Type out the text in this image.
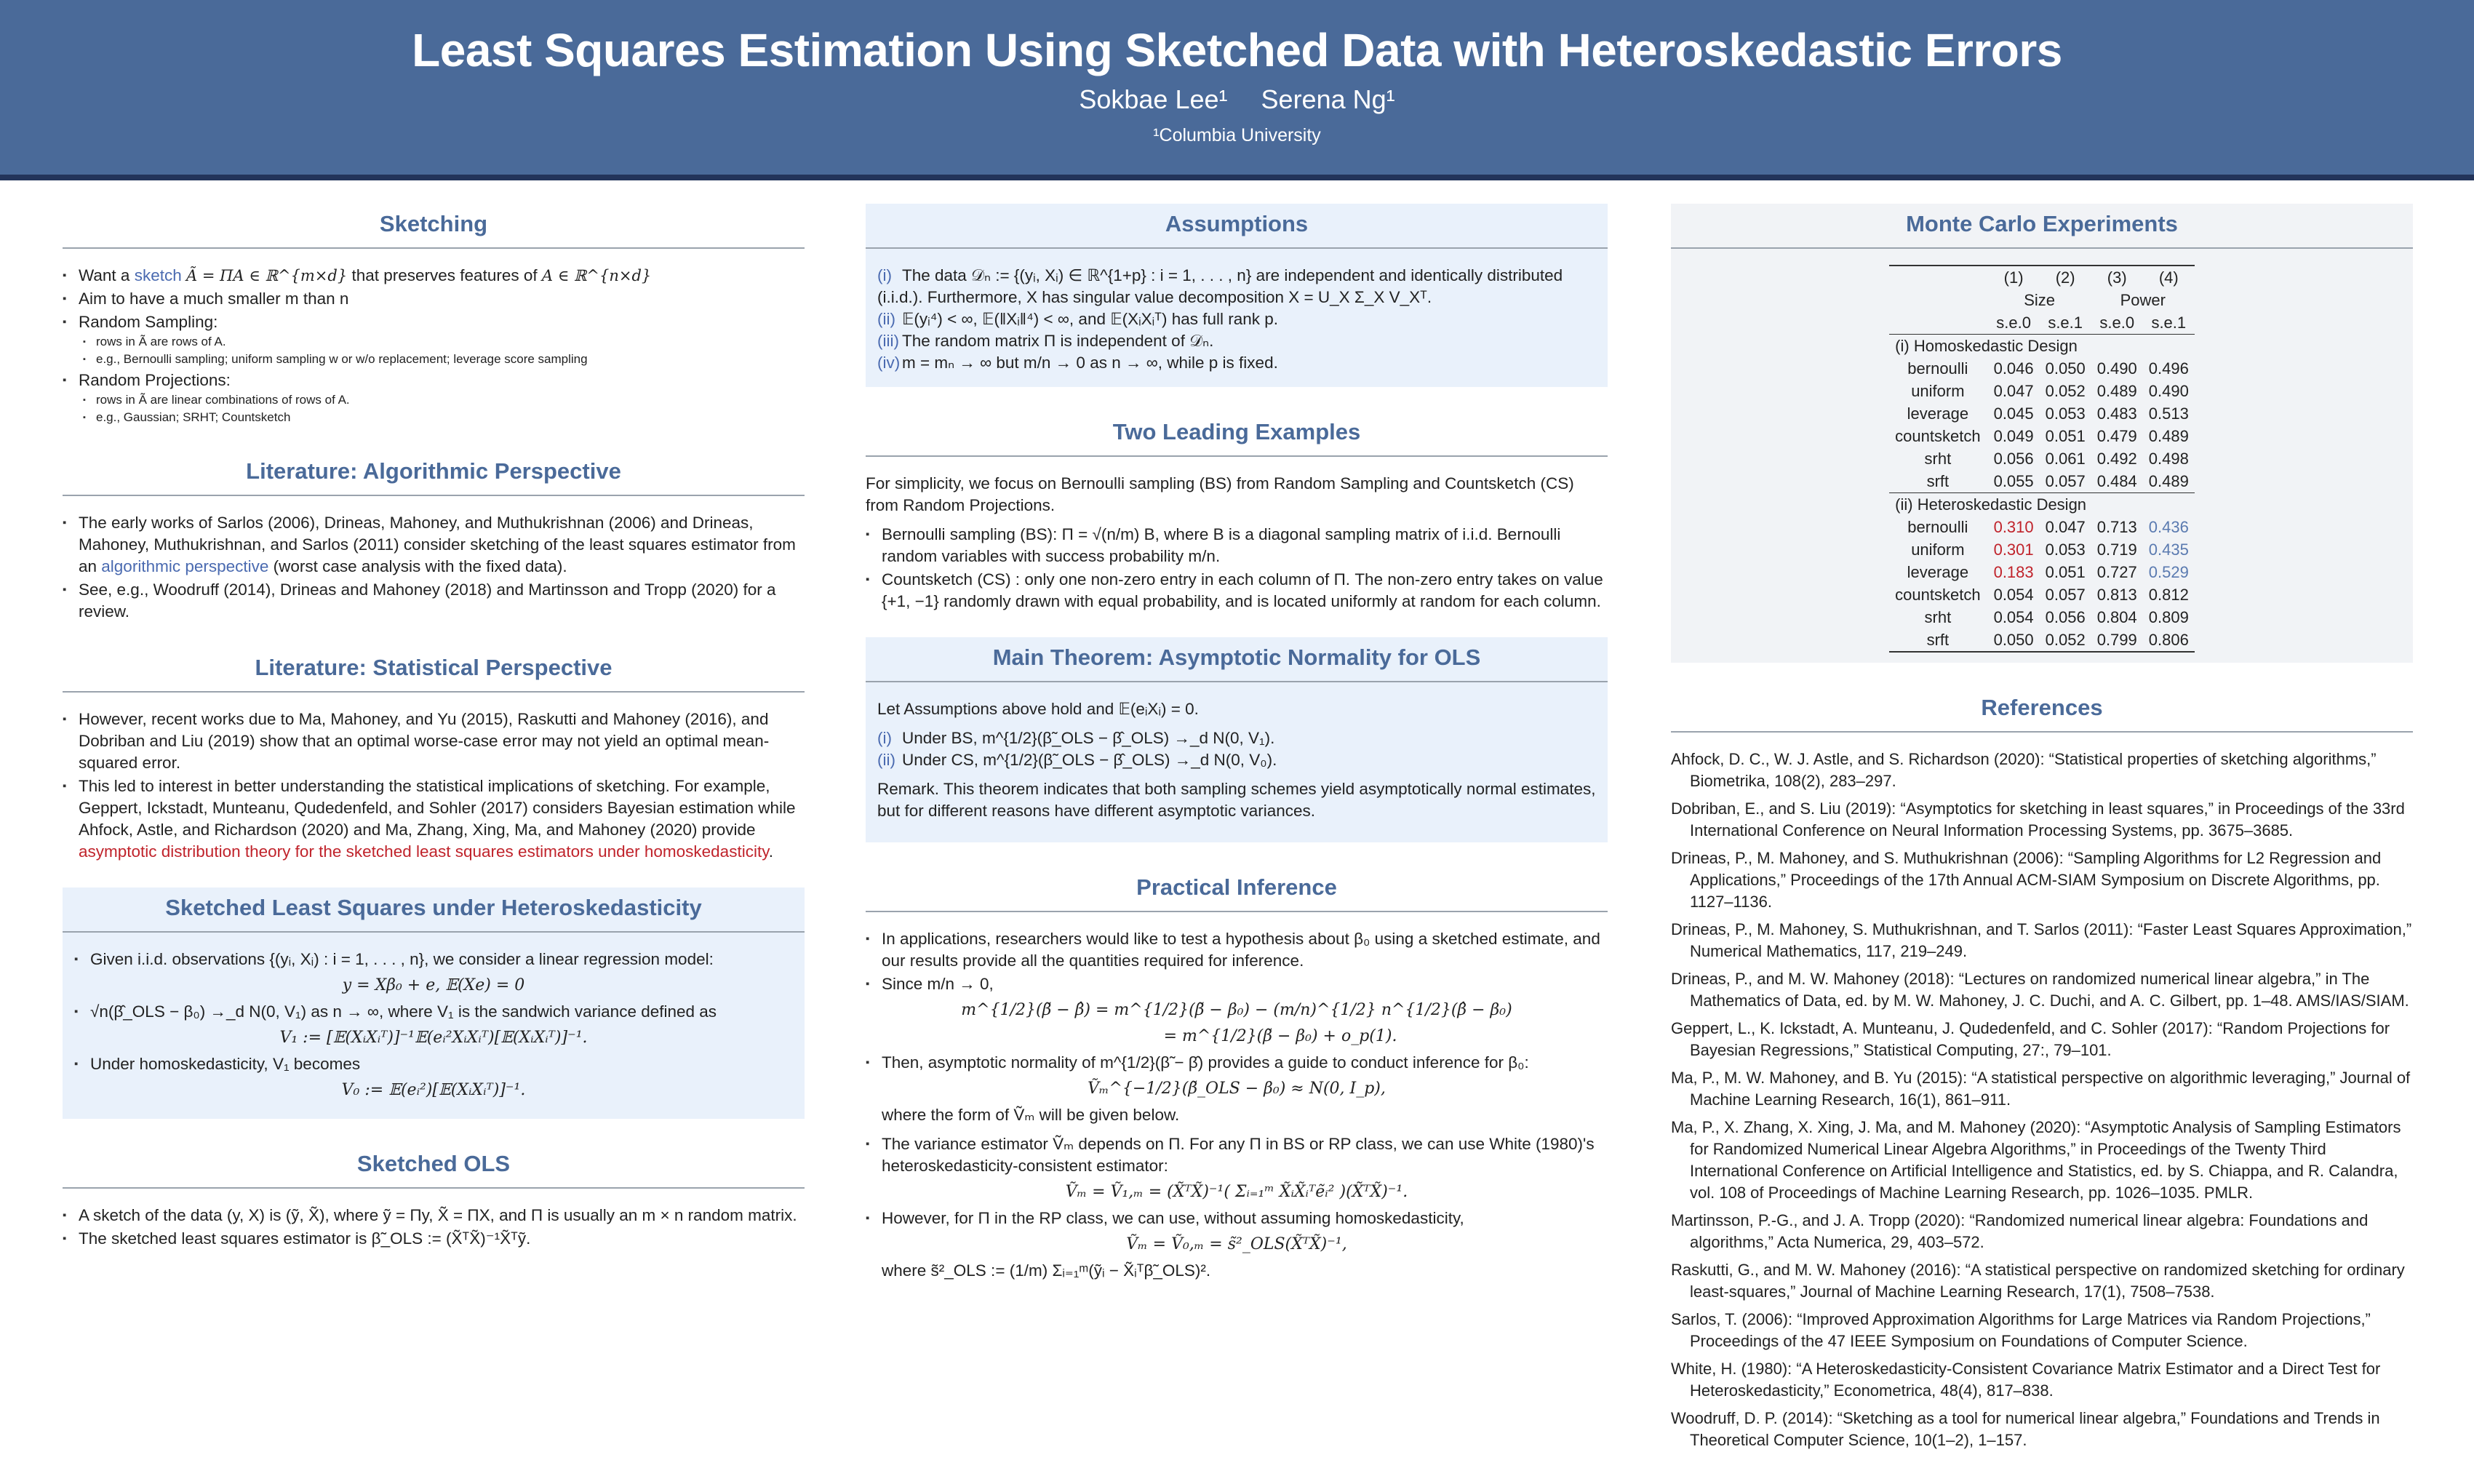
Least Squares Estimation Using Sketched Data with Heteroskedastic Errors
Sokbae Lee¹ Serena Ng¹
¹Columbia University
Sketching
▪ Want a sketch Ã = ΠA ∈ ℝ^{m×d} that preserves features of A ∈ ℝ^{n×d}
▪ Aim to have a much smaller m than n
▪ Random Sampling:
▪ rows in Ã are rows of A.
▪ e.g., Bernoulli sampling; uniform sampling w or w/o replacement; leverage score sampling
▪ Random Projections:
▪ rows in Ã are linear combinations of rows of A.
▪ e.g., Gaussian; SRHT; Countsketch
Literature: Algorithmic Perspective
▪ The early works of Sarlos (2006), Drineas, Mahoney, and Muthukrishnan (2006) and Drineas, Mahoney, Muthukrishnan, and Sarlos (2011) consider sketching of the least squares estimator from an algorithmic perspective (worst case analysis with the fixed data).
▪ See, e.g., Woodruff (2014), Drineas and Mahoney (2018) and Martinsson and Tropp (2020) for a review.
Literature: Statistical Perspective
▪ However, recent works due to Ma, Mahoney, and Yu (2015), Raskutti and Mahoney (2016), and Dobriban and Liu (2019) show that an optimal worse-case error may not yield an optimal mean-squared error.
▪ This led to interest in better understanding the statistical implications of sketching. For example, Geppert, Ickstadt, Munteanu, Qudedenfeld, and Sohler (2017) considers Bayesian estimation while Ahfock, Astle, and Richardson (2020) and Ma, Zhang, Xing, Ma, and Mahoney (2020) provide asymptotic distribution theory for the sketched least squares estimators under homoskedasticity.
Sketched Least Squares under Heteroskedasticity
▪ Given i.i.d. observations {(yᵢ, Xᵢ) : i = 1, . . . , n}, we consider a linear regression model:
y = Xβ₀ + e, 𝔼(Xe) = 0
▪ √n(β̂_OLS − β₀) →_d N(0, V₁) as n → ∞, where V₁ is the sandwich variance defined as
V₁ := [𝔼(XᵢXᵢᵀ)]⁻¹𝔼(eᵢ²XᵢXᵢᵀ)[𝔼(XᵢXᵢᵀ)]⁻¹.
▪ Under homoskedasticity, V₁ becomes
V₀ := 𝔼(eᵢ²)[𝔼(XᵢXᵢᵀ)]⁻¹.
Sketched OLS
▪ A sketch of the data (y, X) is (ỹ, X̃), where ỹ = Πy, X̃ = ΠX, and Π is usually an m × n random matrix.
▪ The sketched least squares estimator is β̃_OLS := (X̃ᵀX̃)⁻¹X̃ᵀỹ.
Assumptions
(i) The data 𝒟ₙ := {(yᵢ, Xᵢ) ∈ ℝ^{1+p} : i = 1, . . . , n} are independent and identically distributed (i.i.d.). Furthermore, X has singular value decomposition X = U_X Σ_X V_Xᵀ.
(ii) 𝔼(yᵢ⁴) < ∞, 𝔼(‖Xᵢ‖⁴) < ∞, and 𝔼(XᵢXᵢᵀ) has full rank p.
(iii) The random matrix Π is independent of 𝒟ₙ.
(iv) m = mₙ → ∞ but m/n → 0 as n → ∞, while p is fixed.
Two Leading Examples

For simplicity, we focus on Bernoulli sampling (BS) from Random Sampling and Countsketch (CS) from Random Projections.

▪ Bernoulli sampling (BS): Π = √(n/m) B, where B is a diagonal sampling matrix of i.i.d. Bernoulli random variables with success probability m/n.
▪ Countsketch (CS) : only one non-zero entry in each column of Π. The non-zero entry takes on value {+1, −1} randomly drawn with equal probability, and is located uniformly at random for each column.
Main Theorem: Asymptotic Normality for OLS

Let Assumptions above hold and 𝔼(eᵢXᵢ) = 0.

(i) Under BS, m^{1/2}(β̃_OLS − β̂_OLS) →_d N(0, V₁).
(ii) Under CS, m^{1/2}(β̃_OLS − β̂_OLS) →_d N(0, V₀).

Remark. This theorem indicates that both sampling schemes yield asymptotically normal estimates, but for different reasons have different asymptotic variances.

Practical Inference
▪ In applications, researchers would like to test a hypothesis about β₀ using a sketched estimate, and our results provide all the quantities required for inference.
▪ Since m/n → 0,
m^{1/2}(β̃ − β̂) = m^{1/2}(β̃ − β₀) − (m/n)^{1/2} n^{1/2}(β̂ − β₀)
= m^{1/2}(β̃ − β₀) + o_p(1).
▪ Then, asymptotic normality of m^{1/2}(β̃ − β̂) provides a guide to conduct inference for β₀:
Ṽₘ^{−1/2}(β̃_OLS − β₀) ≈ N(0, I_p),

where the form of Ṽₘ will be given below.

▪ The variance estimator Ṽₘ depends on Π. For any Π in BS or RP class, we can use White (1980)'s heteroskedasticity-consistent estimator:
Ṽₘ = Ṽ₁,ₘ = (X̃ᵀX̃)⁻¹( Σᵢ₌₁ᵐ X̃ᵢX̃ᵢᵀẽᵢ² )(X̃ᵀX̃)⁻¹.
▪ However, for Π in the RP class, we can use, without assuming homoskedasticity,
Ṽₘ = Ṽ₀,ₘ = s̃²_OLS(X̃ᵀX̃)⁻¹,

where s̃²_OLS := (1/m) Σᵢ₌₁ᵐ(ỹᵢ − X̃ᵢᵀβ̃_OLS)².

Monte Carlo Experiments
	(1)	(2)	(3)	(4)
	Size		Power	
	s.e.0	s.e.1	s.e.0	s.e.1
(i) Homoskedastic Design				
bernoulli	0.046	0.050	0.490	0.496
uniform	0.047	0.052	0.489	0.490
leverage	0.045	0.053	0.483	0.513
countsketch	0.049	0.051	0.479	0.489
srht	0.056	0.061	0.492	0.498
srft	0.055	0.057	0.484	0.489
(ii) Heteroskedastic Design				
bernoulli	0.310	0.047	0.713	0.436
uniform	0.301	0.053	0.719	0.435
leverage	0.183	0.051	0.727	0.529
countsketch	0.054	0.057	0.813	0.812
srht	0.054	0.056	0.804	0.809
srft	0.050	0.052	0.799	0.806
References

Ahfock, D. C., W. J. Astle, and S. Richardson (2020): “Statistical properties of sketching algorithms,” Biometrika, 108(2), 283–297.

Dobriban, E., and S. Liu (2019): “Asymptotics for sketching in least squares,” in Proceedings of the 33rd International Conference on Neural Information Processing Systems, pp. 3675–3685.

Drineas, P., M. Mahoney, and S. Muthukrishnan (2006): “Sampling Algorithms for L2 Regression and Applications,” Proceedings of the 17th Annual ACM-SIAM Symposium on Discrete Algorithms, pp. 1127–1136.

Drineas, P., M. Mahoney, S. Muthukrishnan, and T. Sarlos (2011): “Faster Least Squares Approximation,” Numerical Mathematics, 117, 219–249.

Drineas, P., and M. W. Mahoney (2018): “Lectures on randomized numerical linear algebra,” in The Mathematics of Data, ed. by M. W. Mahoney, J. C. Duchi, and A. C. Gilbert, pp. 1–48. AMS/IAS/SIAM.

Geppert, L., K. Ickstadt, A. Munteanu, J. Qudedenfeld, and C. Sohler (2017): “Random Projections for Bayesian Regressions,” Statistical Computing, 27:, 79–101.

Ma, P., M. W. Mahoney, and B. Yu (2015): “A statistical perspective on algorithmic leveraging,” Journal of Machine Learning Research, 16(1), 861–911.

Ma, P., X. Zhang, X. Xing, J. Ma, and M. Mahoney (2020): “Asymptotic Analysis of Sampling Estimators for Randomized Numerical Linear Algebra Algorithms,” in Proceedings of the Twenty Third International Conference on Artificial Intelligence and Statistics, ed. by S. Chiappa, and R. Calandra, vol. 108 of Proceedings of Machine Learning Research, pp. 1026–1035. PMLR.

Martinsson, P.-G., and J. A. Tropp (2020): “Randomized numerical linear algebra: Foundations and algorithms,” Acta Numerica, 29, 403–572.

Raskutti, G., and M. W. Mahoney (2016): “A statistical perspective on randomized sketching for ordinary least-squares,” Journal of Machine Learning Research, 17(1), 7508–7538.

Sarlos, T. (2006): “Improved Approximation Algorithms for Large Matrices via Random Projections,” Proceedings of the 47 IEEE Symposium on Foundations of Computer Science.

White, H. (1980): “A Heteroskedasticity-Consistent Covariance Matrix Estimator and a Direct Test for Heteroskedasticity,” Econometrica, 48(4), 817–838.

Woodruff, D. P. (2014): “Sketching as a tool for numerical linear algebra,” Foundations and Trends in Theoretical Computer Science, 10(1–2), 1–157.
